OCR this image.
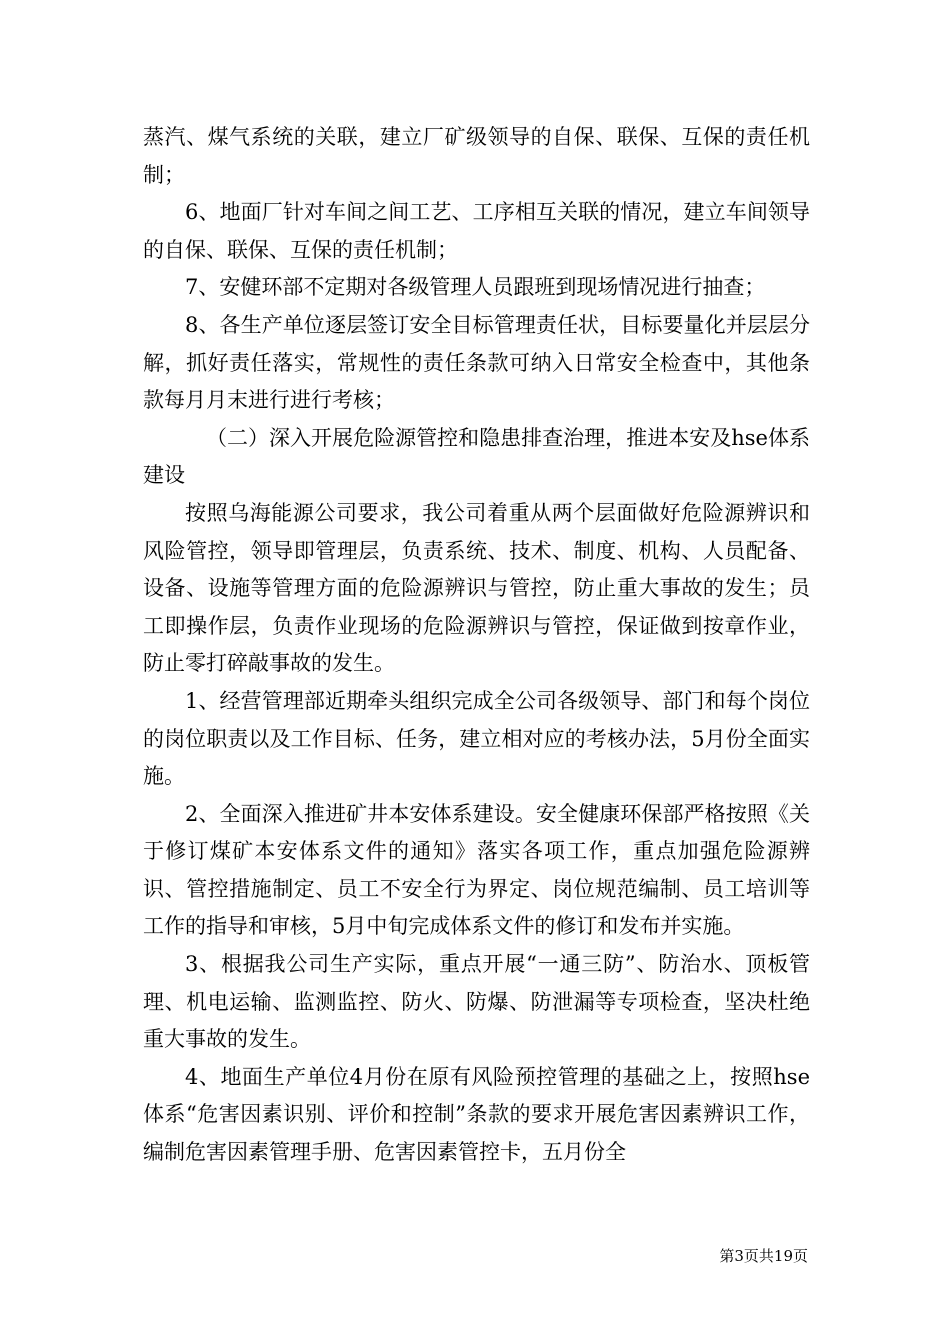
蒸汽、煤气系统的关联，建立厂矿级领导的自保、联保、互保的责任机制；

6、地面厂针对车间之间工艺、工序相互关联的情况，建立车间领导的自保、联保、互保的责任机制；

7、安健环部不定期对各级管理人员跟班到现场情况进行抽查；

8、各生产单位逐层签订安全目标管理责任状，目标要量化并层层分解，抓好责任落实，常规性的责任条款可纳入日常安全检查中，其他条款每月月末进行进行考核；

（二）深入开展危险源管控和隐患排查治理，推进本安及hse体系建设

按照乌海能源公司要求，我公司着重从两个层面做好危险源辨识和风险管控，领导即管理层，负责系统、技术、制度、机构、人员配备、设备、设施等管理方面的危险源辨识与管控，防止重大事故的发生；员工即操作层，负责作业现场的危险源辨识与管控，保证做到按章作业，防止零打碎敲事故的发生。

1、经营管理部近期牵头组织完成全公司各级领导、部门和每个岗位的岗位职责以及工作目标、任务，建立相对应的考核办法，5月份全面实施。

2、全面深入推进矿井本安体系建设。安全健康环保部严格按照《关于修订煤矿本安体系文件的通知》落实各项工作，重点加强危险源辨识、管控措施制定、员工不安全行为界定、岗位规范编制、员工培训等工作的指导和审核，5月中旬完成体系文件的修订和发布并实施。

3、根据我公司生产实际，重点开展“一通三防”、防治水、顶板管理、机电运输、监测监控、防火、防爆、防泄漏等专项检查，坚决杜绝重大事故的发生。

4、地面生产单位4月份在原有风险预控管理的基础之上，按照hse体系“危害因素识别、评价和控制”条款的要求开展危害因素辨识工作，编制危害因素管理手册、危害因素管控卡，五月份全

第3页共19页
